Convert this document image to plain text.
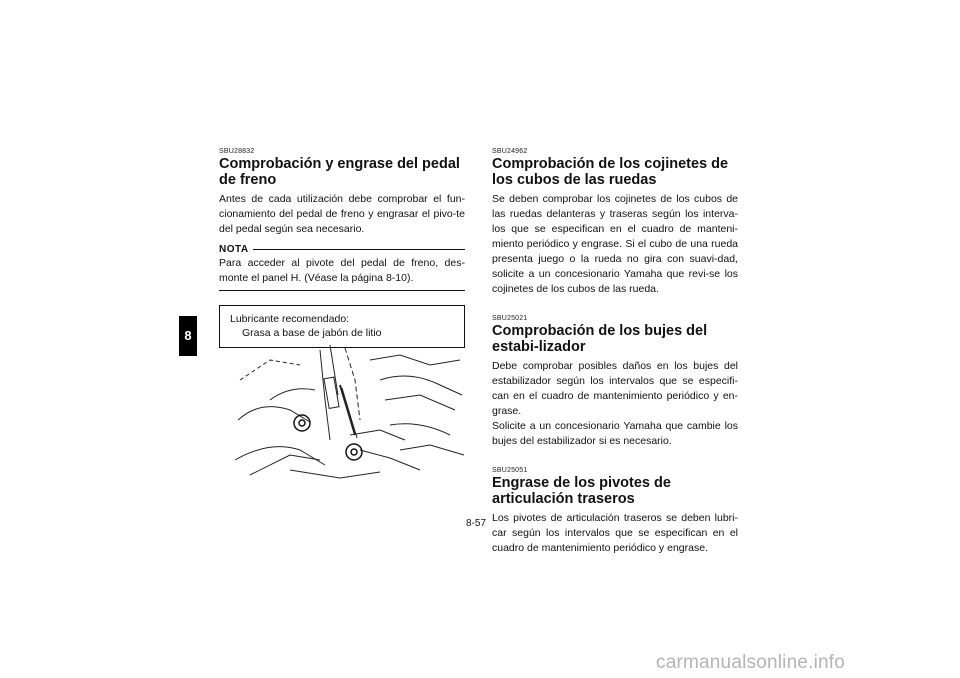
8
SBU28832
Comprobación y engrase del pedal de freno

Antes de cada utilización debe comprobar el fun-cionamiento del pedal de freno y engrasar el pivo-te del pedal según sea necesario.

NOTA

Para acceder al pivote del pedal de freno, des-monte el panel H. (Véase la página 8-10).

Lubricante recomendado:
Grasa a base de jabón de litio
SBU24962
Comprobación de los cojinetes de los cubos de las ruedas

Se deben comprobar los cojinetes de los cubos de las ruedas delanteras y traseras según los interva-los que se especifican en el cuadro de manteni-miento periódico y engrase. Si el cubo de una rueda presenta juego o la rueda no gira con suavi-dad, solicite a un concesionario Yamaha que revi-se los cojinetes de los cubos de las rueda.

SBU25021
Comprobación de los bujes del estabi-lizador

Debe comprobar posibles daños en los bujes del estabilizador según los intervalos que se especifi-can en el cuadro de mantenimiento periódico y en-grase.

Solicite a un concesionario Yamaha que cambie los bujes del estabilizador si es necesario.

SBU25051
Engrase de los pivotes de articulación traseros

Los pivotes de articulación traseros se deben lubri-car según los intervalos que se especifican en el cuadro de mantenimiento periódico y engrase.

8-57
carmanualsonline.info
